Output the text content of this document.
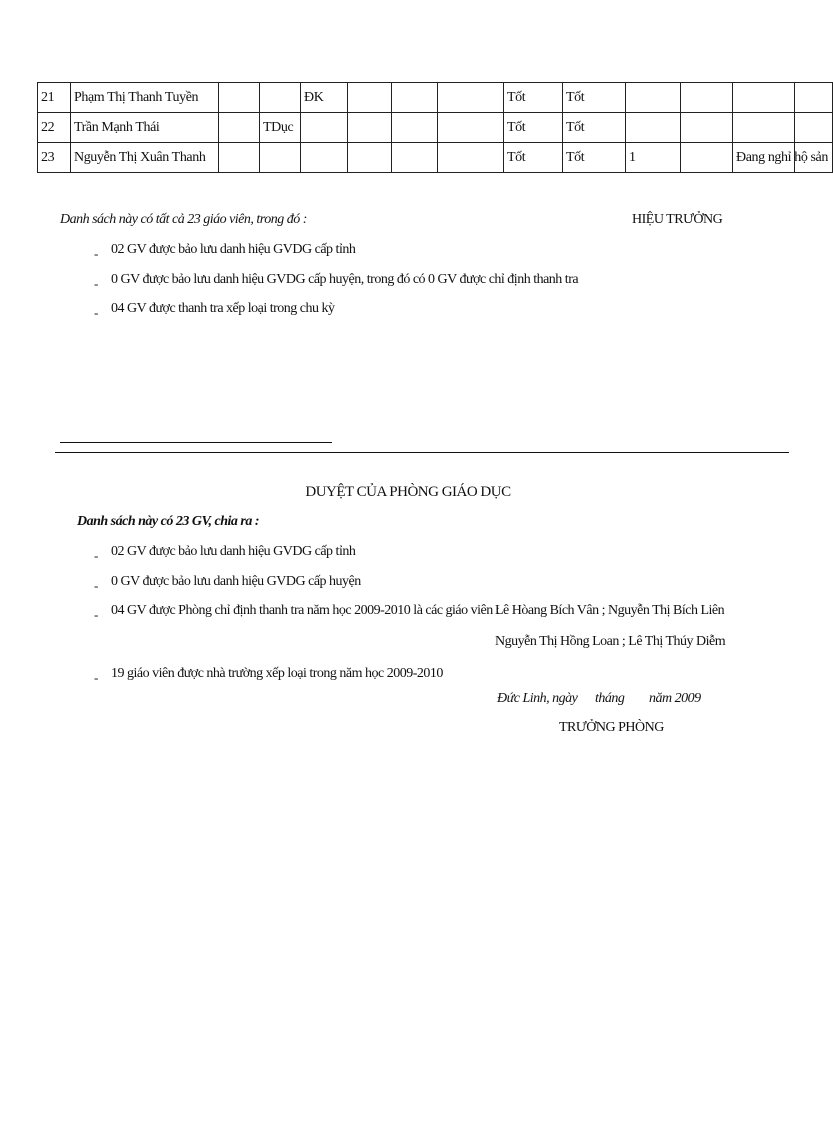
21	Phạm Thị Thanh Tuyền			ĐK				Tốt	Tốt				
22	Trần Mạnh Thái		TDục					Tốt	Tốt				
23	Nguyễn Thị Xuân Thanh							Tốt	Tốt	1		Đang nghỉ hộ sản	
Danh sách này có tất cả 23 giáo viên, trong đó :	HIỆU TRƯỞNG
- 02 GV được bảo lưu danh hiệu GVDG cấp tỉnh
- 0 GV được bảo lưu danh hiệu GVDG cấp huyện, trong đó có 0 GV được chỉ định thanh tra
- 04 GV được thanh tra xếp loại trong chu kỳ
DUYỆT CỦA PHÒNG GIÁO DỤC
Danh sách này có 23 GV, chia ra :
- 02 GV được bảo lưu danh hiệu GVDG cấp tỉnh
- 0 GV được bảo lưu danh hiệu GVDG cấp huyện
- 04 GV được Phòng chỉ định thanh tra năm học 2009-2010 là các giáo viên :
Lê Hòang Bích Vân ; Nguyễn Thị Bích Liên
Nguyễn Thị Hồng Loan ; Lê Thị Thúy Diễm
- 19 giáo viên được nhà trường xếp loại trong năm học 2009-2010
Đức Linh, ngày tháng năm 2009
TRƯỞNG PHÒNG
